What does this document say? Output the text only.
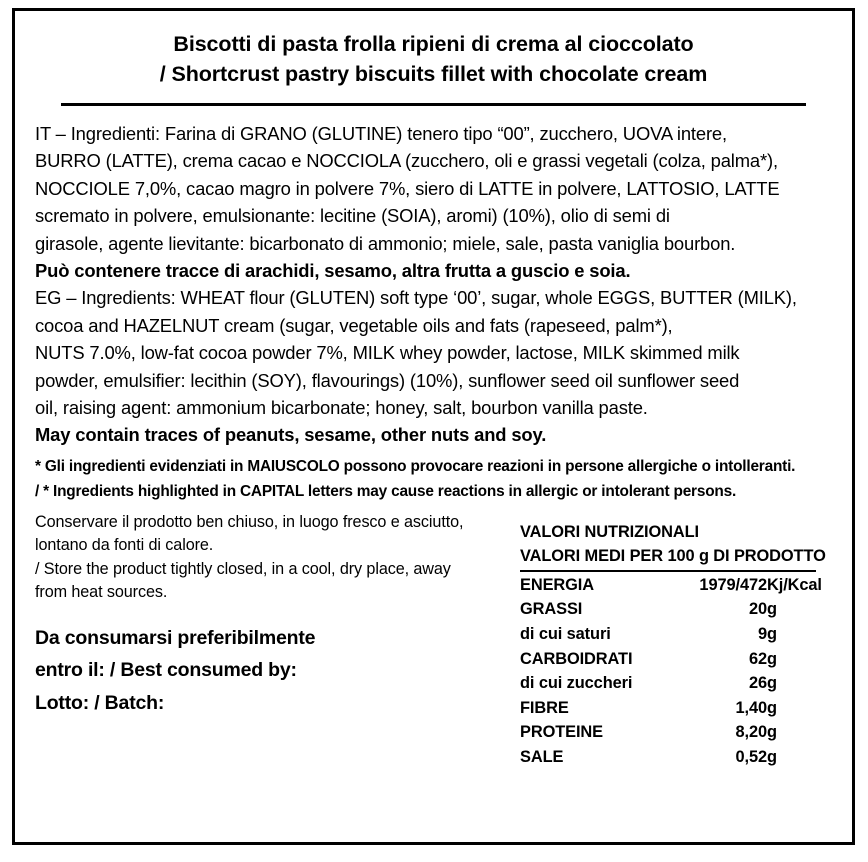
Biscotti di pasta frolla ripieni di crema al cioccolato / Shortcrust pastry biscuits fillet with chocolate cream
IT – Ingredienti: Farina di GRANO (GLUTINE) tenero tipo “00”, zucchero, UOVA intere,
BURRO (LATTE), crema cacao e NOCCIOLA (zucchero, oli e grassi vegetali (colza, palma*),
NOCCIOLE 7,0%, cacao magro in polvere 7%, siero di LATTE in polvere, LATTOSIO, LATTE
scremato in polvere, emulsionante: lecitine (SOIA), aromi) (10%), olio di semi di
girasole, agente lievitante: bicarbonato di ammonio; miele, sale, pasta vaniglia bourbon.
Può contenere tracce di arachidi, sesamo, altra frutta a guscio e soia.
EG – Ingredients: WHEAT flour (GLUTEN) soft type ‘00’, sugar, whole EGGS, BUTTER (MILK),
cocoa and HAZELNUT cream (sugar, vegetable oils and fats (rapeseed, palm*),
NUTS 7.0%, low-fat cocoa powder 7%, MILK whey powder, lactose, MILK skimmed milk
powder, emulsifier: lecithin (SOY), flavourings) (10%), sunflower seed oil sunflower seed
oil, raising agent: ammonium bicarbonate; honey, salt, bourbon vanilla paste.
May contain traces of peanuts, sesame, other nuts and soy.
* Gli ingredienti evidenziati in MAIUSCOLO possono provocare reazioni in persone allergiche o intolleranti.
/ * Ingredients highlighted in CAPITAL letters may cause reactions in allergic or intolerant persons.
Conservare il prodotto ben chiuso, in luogo fresco e asciutto,
lontano da fonti di calore.
/ Store the product tightly closed, in a cool, dry place, away
from heat sources.
Da consumarsi preferibilmente
entro il: / Best consumed by:
Lotto: / Batch:
VALORI NUTRIZIONALI
VALORI MEDI PER 100 g DI PRODOTTO
ENERGIA	1979/472	Kj/Kcal
GRASSI	20	g
di cui saturi	9	g
CARBOIDRATI	62	g
di cui zuccheri	26	g
FIBRE	1,40	g
PROTEINE	8,20	g
SALE	0,52	g
